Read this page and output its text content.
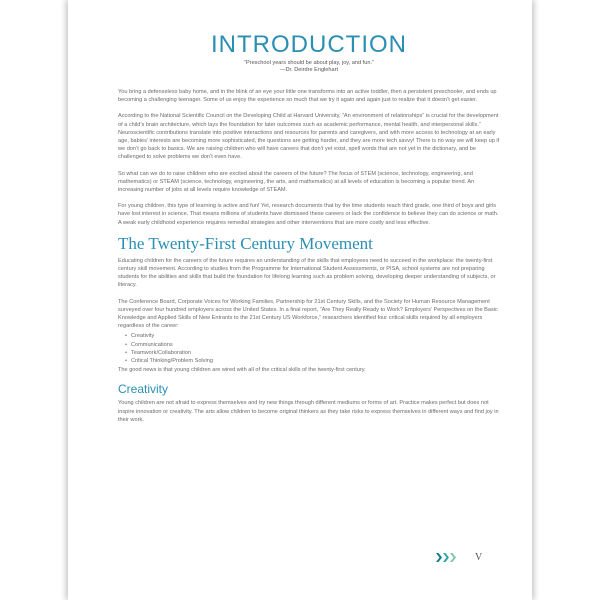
INTRODUCTION
“Preschool years should be about play, joy, and fun.”
—Dr. Deirdre Englehart

You bring a defenseless baby home, and in the blink of an eye your little one transforms into an active toddler, then a persistent preschooler, and ends up becoming a challenging teenager. Some of us enjoy the experience so much that we try it again and again just to realize that it doesn’t get easier.

According to the National Scientific Council on the Developing Child at Harvard University, “An environment of relationships” is crucial for the development of a child’s brain architecture, which lays the foundation for later outcomes such as academic performance, mental health, and interpersonal skills.” Neuroscientific contributions translate into positive interactions and resources for parents and caregivers, and with more access to technology at an early age, babies’ interests are becoming more sophisticated, the questions are getting harder, and they are more tech savvy! There is no way we will keep up if we don’t go back to basics. We are raising children who will have careers that don’t yet exist, spell words that are not yet in the dictionary, and be challenged to solve problems we don’t even have.

So what can we do to raise children who are excited about the careers of the future? The focus of STEM (science, technology, engineering, and mathematics) or STEAM (science, technology, engineering, the arts, and mathematics) at all levels of education is becoming a popular trend. An increasing number of jobs at all levels require knowledge of STEAM.

For young children, this type of learning is active and fun! Yet, research documents that by the time students reach third grade, one third of boys and girls have lost interest in science. That means millions of students have dismissed these careers or lack the confidence to believe they can do science or math. A weak early childhood experience requires remedial strategies and other interventions that are more costly and less effective.

The Twenty-First Century Movement

Educating children for the careers of the future requires an understanding of the skills that employees need to succeed in the workplace: the twenty-first century skill movement. According to studies from the Programme for International Student Assessments, or PISA, school systems are not preparing students for the abilities and skills that build the foundation for lifelong learning such as problem solving, developing deeper understanding of subjects, or literacy.

The Conference Board, Corporate Voices for Working Families, Partnership for 21st Century Skills, and the Society for Human Resource Management surveyed over four hundred employers across the United States. In a final report, “Are They Really Ready to Work? Employers’ Perspectives on the Basic Knowledge and Applied Skills of New Entrants to the 21st Century US Workforce,” researchers identified four critical skills required by all employers regardless of the career:

• Creativity
• Communications
• Teamwork/Collaboration
• Critical Thinking/Problem Solving

The good news is that young children are wired with all of the critical skills of the twenty-first century.

Creativity

Young children are not afraid to express themselves and try new things through different mediums or forms of art. Practice makes perfect but does not inspire innovation or creativity. The arts allow children to become original thinkers as they take risks to express themselves in different ways and find joy in their work.

V
